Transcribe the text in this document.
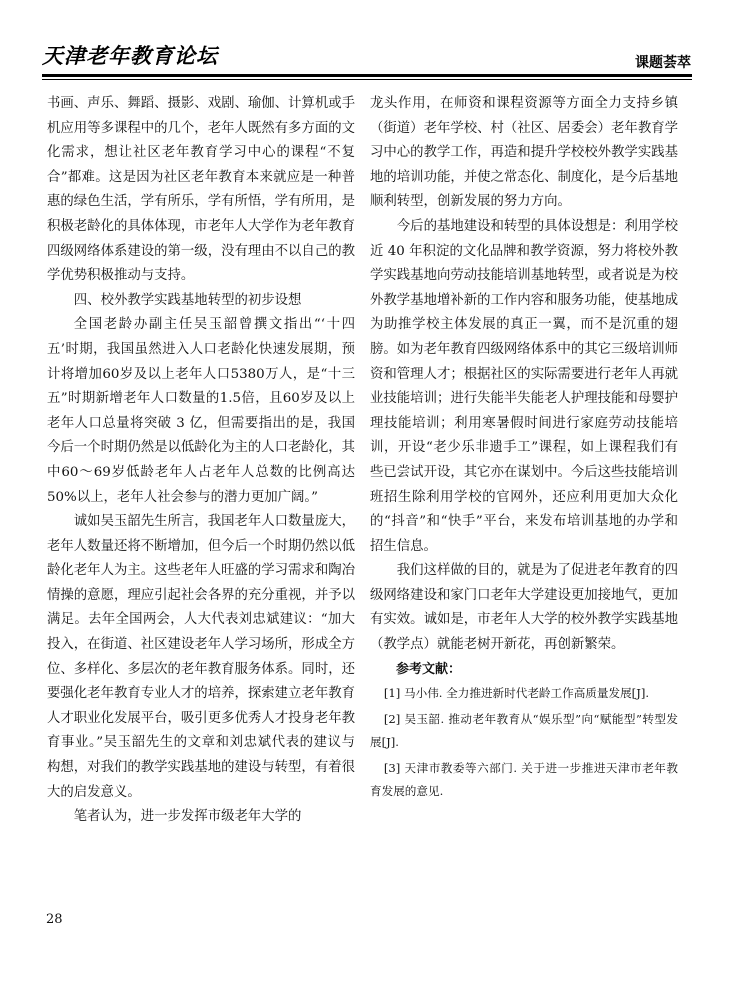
天津老年教育论坛	课题荟萃

书画、声乐、舞蹈、摄影、戏剧、瑜伽、计算机或手机应用等多课程中的几个，老年人既然有多方面的文化需求，想让社区老年教育学习中心的课程“不复合”都难。这是因为社区老年教育本来就应是一种普惠的绿色生活，学有所乐，学有所悟，学有所用，是积极老龄化的具体体现，市老年人大学作为老年教育四级网络体系建设的第一级，没有理由不以自己的教学优势积极推动与支持。

四、校外教学实践基地转型的初步设想

全国老龄办副主任吴玉韶曾撰文指出“‘十四五’时期，我国虽然进入人口老龄化快速发展期，预计将增加60岁及以上老年人口5380万人，是“十三五”时期新增老年人口数量的1.5倍，且60岁及以上老年人口总量将突破 3 亿，但需要指出的是，我国今后一个时期仍然是以低龄化为主的人口老龄化，其中60～69岁低龄老年人占老年人总数的比例高达50%以上，老年人社会参与的潜力更加广阔。”

诚如吴玉韶先生所言，我国老年人口数量庞大，老年人数量还将不断增加，但今后一个时期仍然以低龄化老年人为主。这些老年人旺盛的学习需求和陶冶情操的意愿，理应引起社会各界的充分重视，并予以满足。去年全国两会，人大代表刘忠斌建议：“加大投入，在街道、社区建设老年人学习场所，形成全方位、多样化、多层次的老年教育服务体系。同时，还要强化老年教育专业人才的培养，探索建立老年教育人才职业化发展平台，吸引更多优秀人才投身老年教育事业。”吴玉韶先生的文章和刘忠斌代表的建议与构想，对我们的教学实践基地的建设与转型，有着很大的启发意义。

笔者认为，进一步发挥市级老年大学的

龙头作用，在师资和课程资源等方面全力支持乡镇（街道）老年学校、村（社区、居委会）老年教育学习中心的教学工作，再造和提升学校校外教学实践基地的培训功能，并使之常态化、制度化，是今后基地顺利转型，创新发展的努力方向。

今后的基地建设和转型的具体设想是：利用学校近 40 年积淀的文化品牌和教学资源，努力将校外教学实践基地向劳动技能培训基地转型，或者说是为校外教学基地增补新的工作内容和服务功能，使基地成为助推学校主体发展的真正一翼，而不是沉重的翅膀。如为老年教育四级网络体系中的其它三级培训师资和管理人才；根据社区的实际需要进行老年人再就业技能培训；进行失能半失能老人护理技能和母婴护理技能培训；利用寒暑假时间进行家庭劳动技能培训，开设“老少乐非遗手工”课程，如上课程我们有些已尝试开设，其它亦在谋划中。今后这些技能培训班招生除利用学校的官网外，还应利用更加大众化的“抖音”和“快手”平台，来发布培训基地的办学和招生信息。

我们这样做的目的，就是为了促进老年教育的四级网络建设和家门口老年大学建设更加接地气，更加有实效。诚如是，市老年人大学的校外教学实践基地（教学点）就能老树开新花，再创新繁荣。

参考文献：

[1] 马小伟. 全力推进新时代老龄工作高质量发展[J].

[2] 吴玉韶. 推动老年教育从“娱乐型”向“赋能型”转型发展[J].

[3] 天津市教委等六部门. 关于进一步推进天津市老年教育发展的意见.

28
